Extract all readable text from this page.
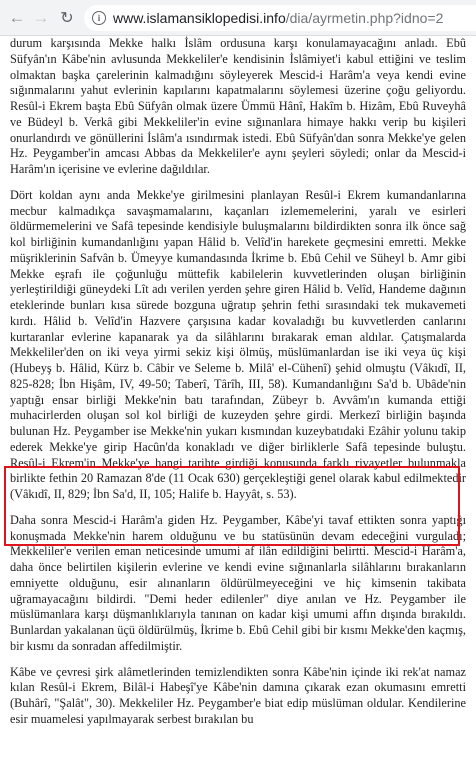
← → ↻	i www.islamansiklopedisi.info/dia/ayrmetin.php?idno=2

durum karşısında Mekke halkı İslâm ordusuna karşı konulamayacağını anladı. Ebû Süfyân'ın Kâbe'nin avlusunda Mekkeliler'e kendisinin İslâmiyet'i kabul ettiğini ve teslim olmaktan başka çarelerinin kalmadığını söyleyerek Mescid-i Harâm'a veya kendi evine sığınmalarını yahut evlerinin kapılarını kapatmalarını söylemesi üzerine çoğu geliyordu. Resûl-i Ekrem başta Ebû Süfyân olmak üzere Ümmü Hânî, Hakîm b. Hizâm, Ebû Ruveyhâ ve Büdeyl b. Verkâ gibi Mekkeliler'in evine sığınanlara himaye hakkı verip bu kişileri onurlandırdı ve gönüllerini İslâm'a ısındırmak istedi. Ebû Süfyân'dan sonra Mekke'ye gelen Hz. Peygamber'in amcası Abbas da Mekkeliler'e aynı şeyleri söyledi; onlar da Mescid-i Harâm'ın içerisine ve evlerine dağıldılar.

Dört koldan aynı anda Mekke'ye girilmesini planlayan Resûl-i Ekrem kumandanlarına mecbur kalmadıkça savaşmamalarını, kaçanları izlememelerini, yaralı ve esirleri öldürmemelerini ve Safâ tepesinde kendisiyle buluşmalarını bildirdikten sonra ilk önce sağ kol birliğinin kumandanlığını yapan Hâlid b. Velîd'in harekete geçmesini emretti. Mekke müşriklerinin Safvân b. Ümeyye kumandasında İkrime b. Ebû Cehil ve Süheyl b. Amr gibi Mekke eşrafı ile çoğunluğu müttefik kabilelerin kuvvetlerinden oluşan birliğinin yerleştirildiği güneydeki Lît adı verilen yerden şehre giren Hâlid b. Velîd, Handeme dağının eteklerinde bunları kısa sürede bozguna uğratıp şehrin fethi sırasındaki tek mukavemeti kırdı. Hâlid b. Velîd'in Hazvere çarşısına kadar kovaladığı bu kuvvetlerden canlarını kurtaranlar evlerine kapanarak ya da silâhlarını bırakarak eman aldılar. Çatışmalarda Mekkeliler'den on iki veya yirmi sekiz kişi ölmüş, müslümanlardan ise iki veya üç kişi (Hubeyş b. Hâlid, Kürz b. Câbir ve Seleme b. Milâ' el-Cühenî) şehid olmuştu (Vâkıdî, II, 825-828; İbn Hişâm, IV, 49-50; Taberî, Târîh, III, 58). Kumandanlığını Sa'd b. Ubâde'nin yaptığı ensar birliği Mekke'nin batı tarafından, Zübeyr b. Avvâm'ın kumanda ettiği muhacirlerden oluşan sol kol birliği de kuzeyden şehre girdi. Merkezî birliğin başında bulunan Hz. Peygamber ise Mekke'nin yukarı kısmından kuzeybatıdaki Ezâhir yolunu takip ederek Mekke'ye girip Hacûn'da konakladı ve diğer birliklerle Safâ tepesinde buluştu. Resûl-i Ekrem'in Mekke'ye hangi tarihte girdiği konusunda farklı rivayetler bulunmakla birlikte fethin 20 Ramazan 8'de (11 Ocak 630) gerçekleştiği genel olarak kabul edilmektedir (Vâkıdî, II, 829; İbn Sa'd, II, 105; Halife b. Hayyât, s. 53).

Daha sonra Mescid-i Harâm'a giden Hz. Peygamber, Kâbe'yi tavaf ettikten sonra yaptığı konuşmada Mekke'nin harem olduğunu ve bu statüsünün devam edeceğini vurguladı; Mekkeliler'e verilen eman neticesinde umumi af ilân edildiğini belirtti. Mescid-i Harâm'a, daha önce belirtilen kişilerin evlerine ve kendi evine sığınanlarla silâhlarını bırakanların emniyette olduğunu, esir alınanların öldürülmeyeceğini ve hiç kimsenin takibata uğramayacağını bildirdi. "Demi heder edilenler" diye anılan ve Hz. Peygamber ile müslümanlara karşı düşmanlıklarıyla tanınan on kadar kişi umumi affın dışında bırakıldı. Bunlardan yakalanan üçü öldürülmüş, İkrime b. Ebû Cehil gibi bir kısmı Mekke'den kaçmış, bir kısmı da sonradan affedilmiştir.

Kâbe ve çevresi şirk alâmetlerinden temizlendikten sonra Kâbe'nin içinde iki rek'at namaz kılan Resûl-i Ekrem, Bilâl-i Habeşî'ye Kâbe'nin damına çıkarak ezan okumasını emretti (Buhârî, "Şalât", 30). Mekkeliler Hz. Peygamber'e biat edip müslüman oldular. Kendilerine esir muamelesi yapılmayarak serbest bırakılan bu
